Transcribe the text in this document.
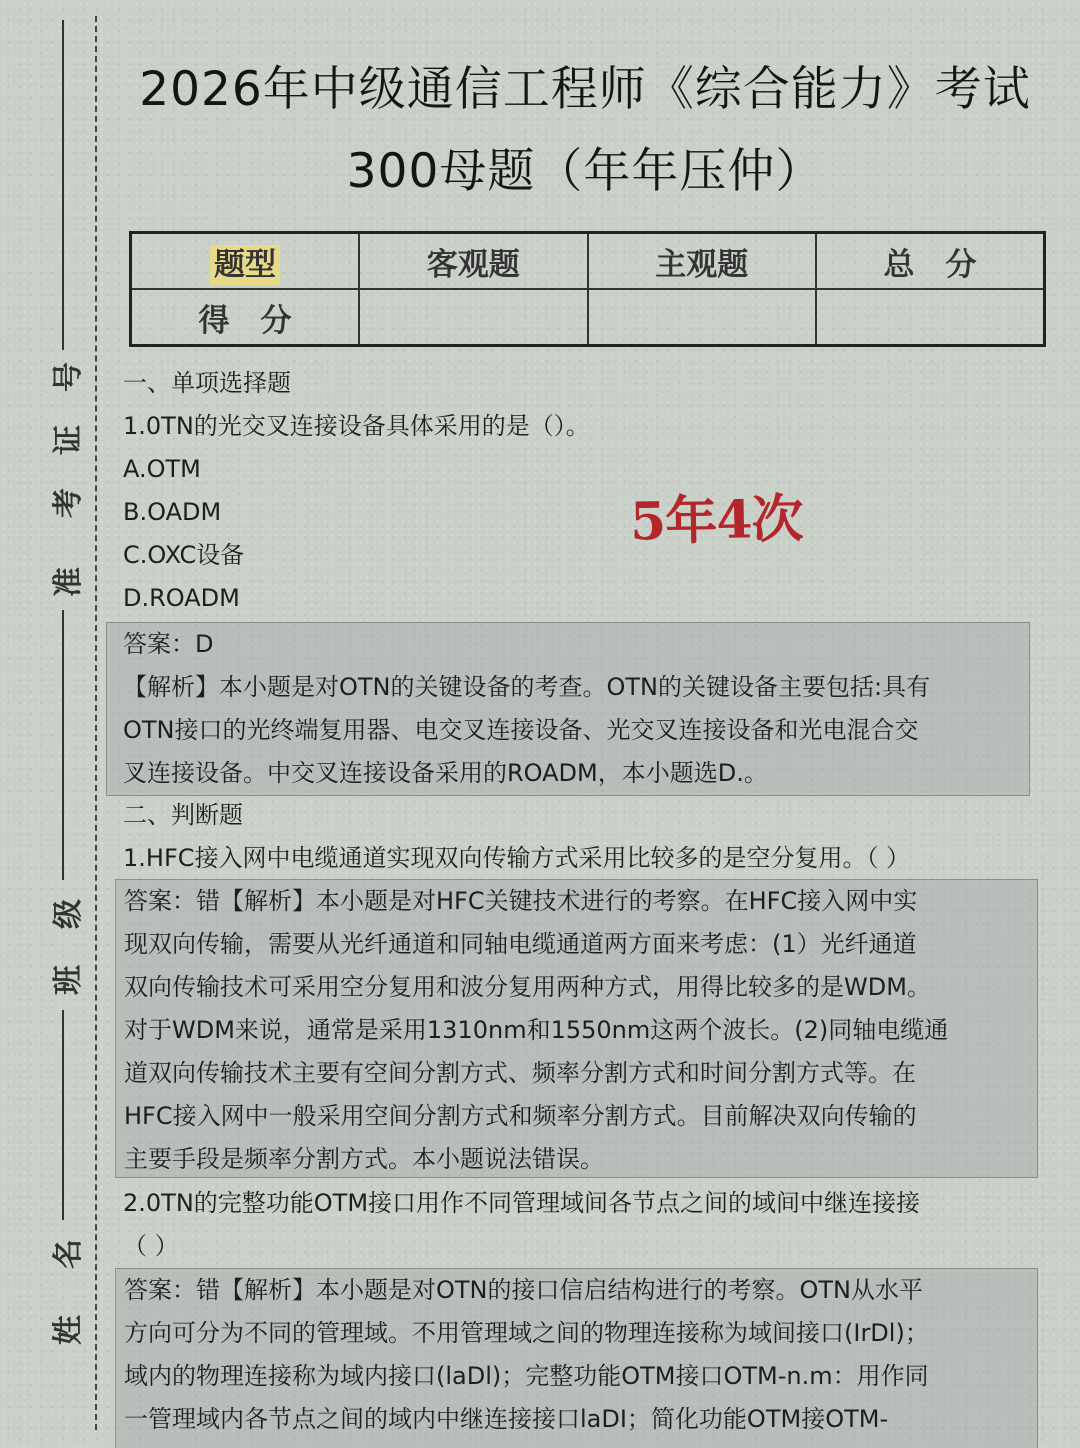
号
证
考
准
级
班
名
姓
2026年中级通信工程师《综合能力》考试
300母题（年年压仲）
题型	客观题	主观题	总　分
得　分			
一、单项选择题
1.0TN的光交叉连接设备具体采用的是（）。
A.OTM
B.OADM
C.OXC设备
D.ROADM
5年4次

答案：D

【解析】本小题是对OTN的关键设备的考查。OTN的关键设备主要包括:具有

OTN接口的光终端复用器、电交叉连接设备、光交叉连接设备和光电混合交

叉连接设备。中交叉连接设备采用的ROADM，本小题选D.。

二、判断题
1.HFC接入网中电缆通道实现双向传输方式采用比较多的是空分复用。（ ）

答案：错【解析】本小题是对HFC关键技术进行的考察。在HFC接入网中实

现双向传输，需要从光纤通道和同轴电缆通道两方面来考虑：(1）光纤通道

双向传输技术可采用空分复用和波分复用两种方式，用得比较多的是WDM。

对于WDM来说，通常是采用1310nm和1550nm这两个波长。(2)同轴电缆通

道双向传输技术主要有空间分割方式、频率分割方式和时间分割方式等。在

HFC接入网中一般采用空间分割方式和频率分割方式。目前解决双向传输的

主要手段是频率分割方式。本小题说法错误。

2.0TN的完整功能OTM接口用作不同管理域间各节点之间的域间中继连接接
（ ）

答案：错【解析】本小题是对OTN的接口信启结构进行的考察。OTN从水平

方向可分为不同的管理域。不用管理域之间的物理连接称为域间接口(IrDl)；

域内的物理连接称为域内接口(laDl)；完整功能OTM接口OTM-n.m：用作同

一管理域内各节点之间的域内中继连接接口laDI；简化功能OTM接OTM-
